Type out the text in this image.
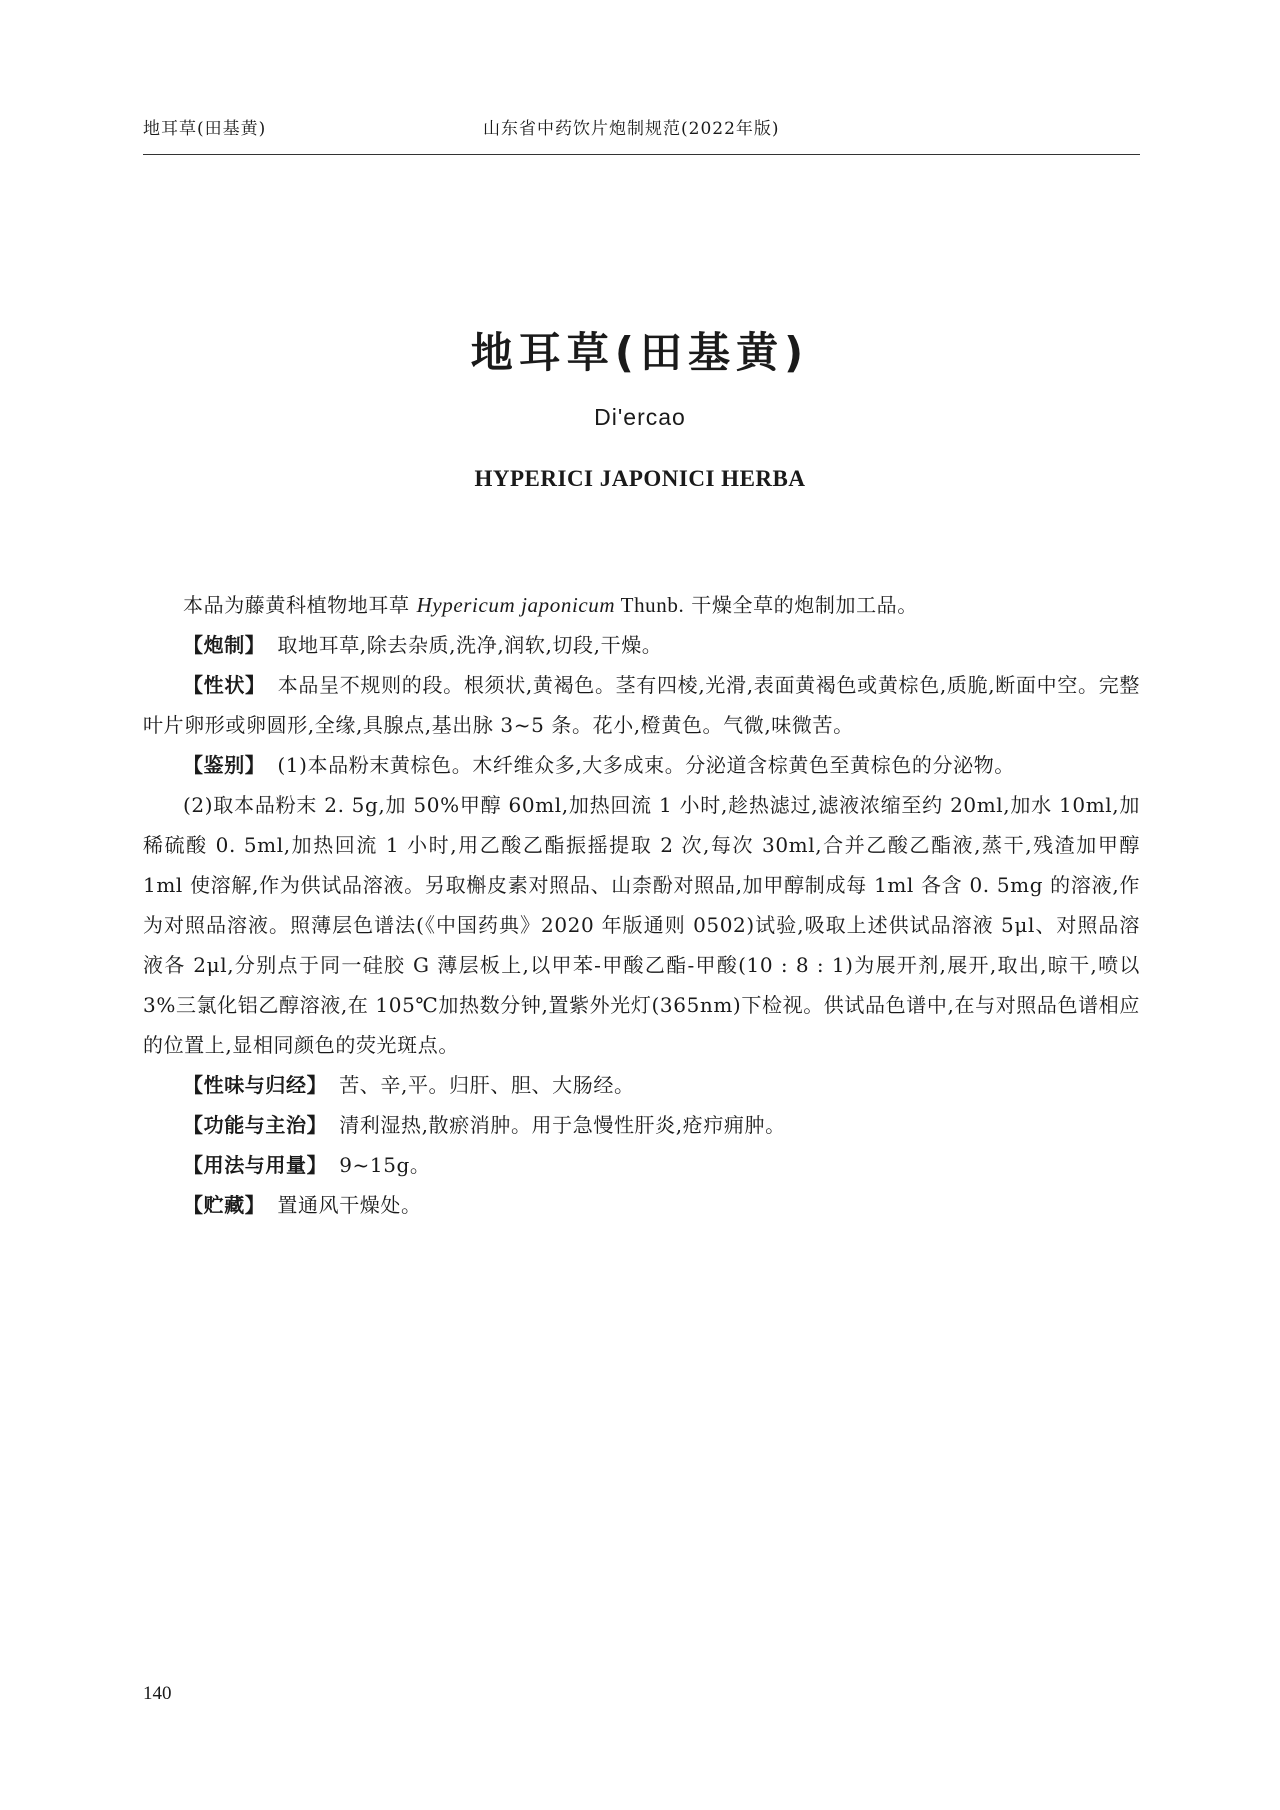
地耳草(田基黄)	山东省中药饮片炮制规范(2022年版)
地耳草(田基黄)
Di'ercao
HYPERICI JAPONICI HERBA

本品为藤黄科植物地耳草 Hypericum japonicum Thunb. 干燥全草的炮制加工品。

【炮制】 取地耳草,除去杂质,洗净,润软,切段,干燥。

【性状】 本品呈不规则的段。根须状,黄褐色。茎有四棱,光滑,表面黄褐色或黄棕色,质脆,断面中空。完整叶片卵形或卵圆形,全缘,具腺点,基出脉 3~5 条。花小,橙黄色。气微,味微苦。

【鉴别】 (1)本品粉末黄棕色。木纤维众多,大多成束。分泌道含棕黄色至黄棕色的分泌物。

(2)取本品粉末 2. 5g,加 50%甲醇 60ml,加热回流 1 小时,趁热滤过,滤液浓缩至约 20ml,加水 10ml,加稀硫酸 0. 5ml,加热回流 1 小时,用乙酸乙酯振摇提取 2 次,每次 30ml,合并乙酸乙酯液,蒸干,残渣加甲醇 1ml 使溶解,作为供试品溶液。另取槲皮素对照品、山柰酚对照品,加甲醇制成每 1ml 各含 0. 5mg 的溶液,作为对照品溶液。照薄层色谱法(《中国药典》2020 年版通则 0502)试验,吸取上述供试品溶液 5μl、对照品溶液各 2μl,分别点于同一硅胶 G 薄层板上,以甲苯-甲酸乙酯-甲酸(10 : 8 : 1)为展开剂,展开,取出,晾干,喷以 3%三氯化铝乙醇溶液,在 105℃加热数分钟,置紫外光灯(365nm)下检视。供试品色谱中,在与对照品色谱相应的位置上,显相同颜色的荧光斑点。

【性味与归经】 苦、辛,平。归肝、胆、大肠经。

【功能与主治】 清利湿热,散瘀消肿。用于急慢性肝炎,疮疖痈肿。

【用法与用量】 9~15g。

【贮藏】 置通风干燥处。

140
